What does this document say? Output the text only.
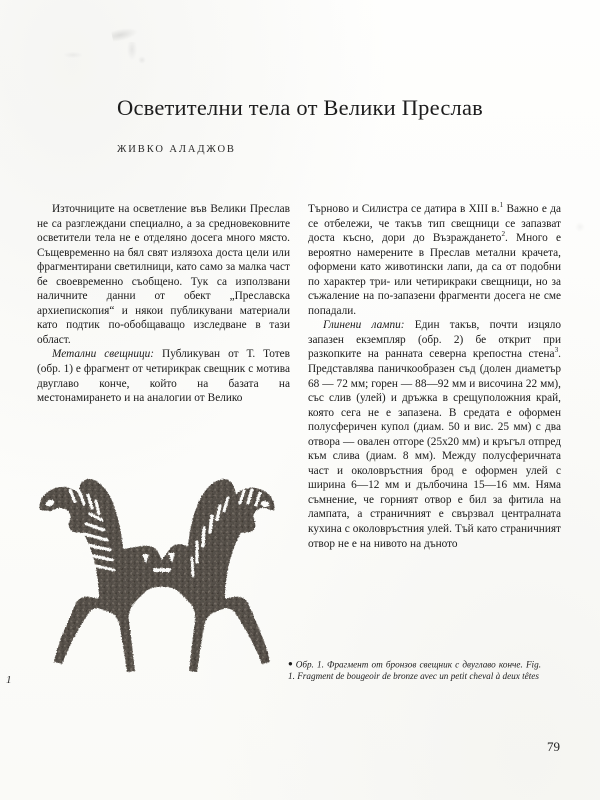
Осветителни тела от Велики Преслав
ЖИВКО АЛАДЖОВ

Източниците на осветление във Велики Преслав не са разглеждани специално, а за средновековните осветители тела не е отделяно досега много място. Същевременно на бял свят излязоха доста цели или фрагментирани светилници, като само за малка част бе своевременно съобщено. Тук са използвани наличните данни от обект „Преславска архиепископия“ и някои публикувани материали като подтик по-обобщаващо изследване в тази област.

Метални свещници: Публикуван от Т. Тотев (обр. 1) е фрагмент от четирикрак свещник с мотива двуглаво конче, който на базата на местонамирането и на аналогии от Велико

Търново и Силистра се датира в XIII в.$^1$ Важно е да се отбележи, че такъв тип свещници се запазват доста късно, дори до Възраждането$^2$. Много е вероятно намерените в Преслав метални крачета, оформени като животински лапи, да са от подобни по характер три- или четирикраки свещници, но за съжаление на по-запазени фрагменти досега не сме попадали.

Глинени лампи: Един такъв, почти изцяло запазен екземпляр (обр. 2) бе открит при разкопките на ранната северна крепостна стена$^3$. Представлява паничкообразен съд (долен диаметър 68 — 72 мм; горен — 88—92 мм и височина 22 мм), със слив (улей) и дръжка в срещуположния край, която сега не е запазена. В средата е оформен полусферичен купол (диам. 50 и вис. 25 мм) с два отвора — овален отгоре (25x20 мм) и кръгъл отпред към слива (диам. 8 мм). Между полусферичната част и околовръстния брод е оформен улей с ширина 6—12 мм и дълбочина 15—16 мм. Няма съмнение, че горният отвор е бил за фитила на лампата, а страничният е свързвал централната кухина с околовръстния улей. Тъй като страничният отвор не е на нивото на дъното

1
● Обр. 1. Фрагмент от бронзов свещник с двуглаво конче. Fig. 1. Fragment de bougeoir de bronze avec un petit cheval à deux têtes
79
